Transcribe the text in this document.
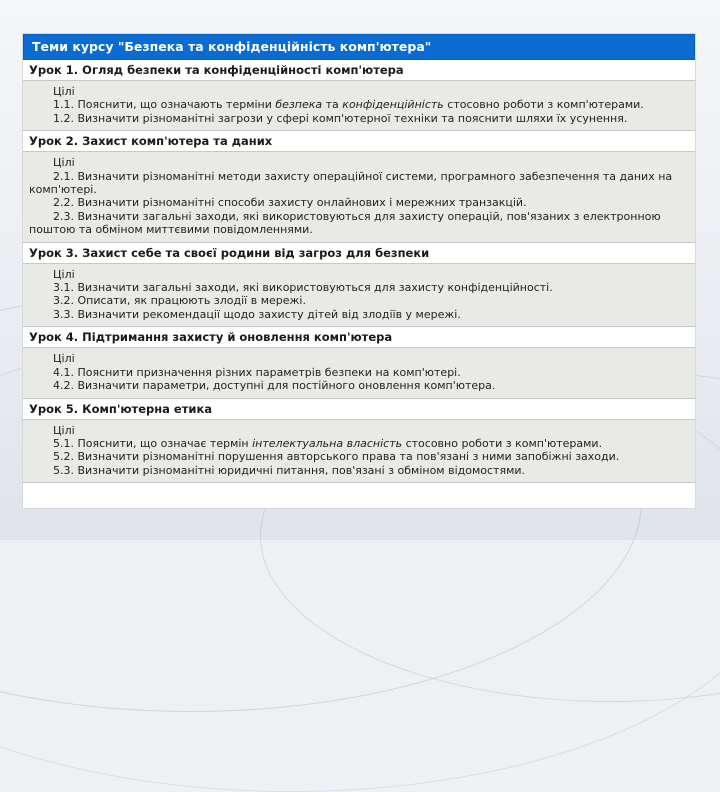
Теми курсу "Безпека та конфіденційність комп'ютера"
Урок 1. Огляд безпеки та конфіденційності комп'ютера
Цілі
1.1. Пояснити, що означають терміни безпека та конфіденційність стосовно роботи з комп'ютерами.
1.2. Визначити різноманітні загрози у сфері комп'ютерної техніки та пояснити шляхи їх усунення.
Урок 2. Захист комп'ютера та даних
Цілі
2.1. Визначити різноманітні методи захисту операційної системи, програмного забезпечення та даних на комп'ютері.
2.2. Визначити різноманітні способи захисту онлайнових і мережних транзакцій.
2.3. Визначити загальні заходи, які використовуються для захисту операцій, пов'язаних з електронною поштою та обміном миттєвими повідомленнями.
Урок 3. Захист себе та своєї родини від загроз для безпеки
Цілі
3.1. Визначити загальні заходи, які використовуються для захисту конфіденційності.
3.2. Описати, як працюють злодії в мережі.
3.3. Визначити рекомендації щодо захисту дітей від злодіїв у мережі.
Урок 4. Підтримання захисту й оновлення комп'ютера
Цілі
4.1. Пояснити призначення різних параметрів безпеки на комп'ютері.
4.2. Визначити параметри, доступні для постійного оновлення комп'ютера.
Урок 5. Комп'ютерна етика
Цілі
5.1. Пояснити, що означає термін інтелектуальна власність стосовно роботи з комп'ютерами.
5.2. Визначити різноманітні порушення авторського права та пов'язані з ними запобіжні заходи.
5.3. Визначити різноманітні юридичні питання, пов'язані з обміном відомостями.
